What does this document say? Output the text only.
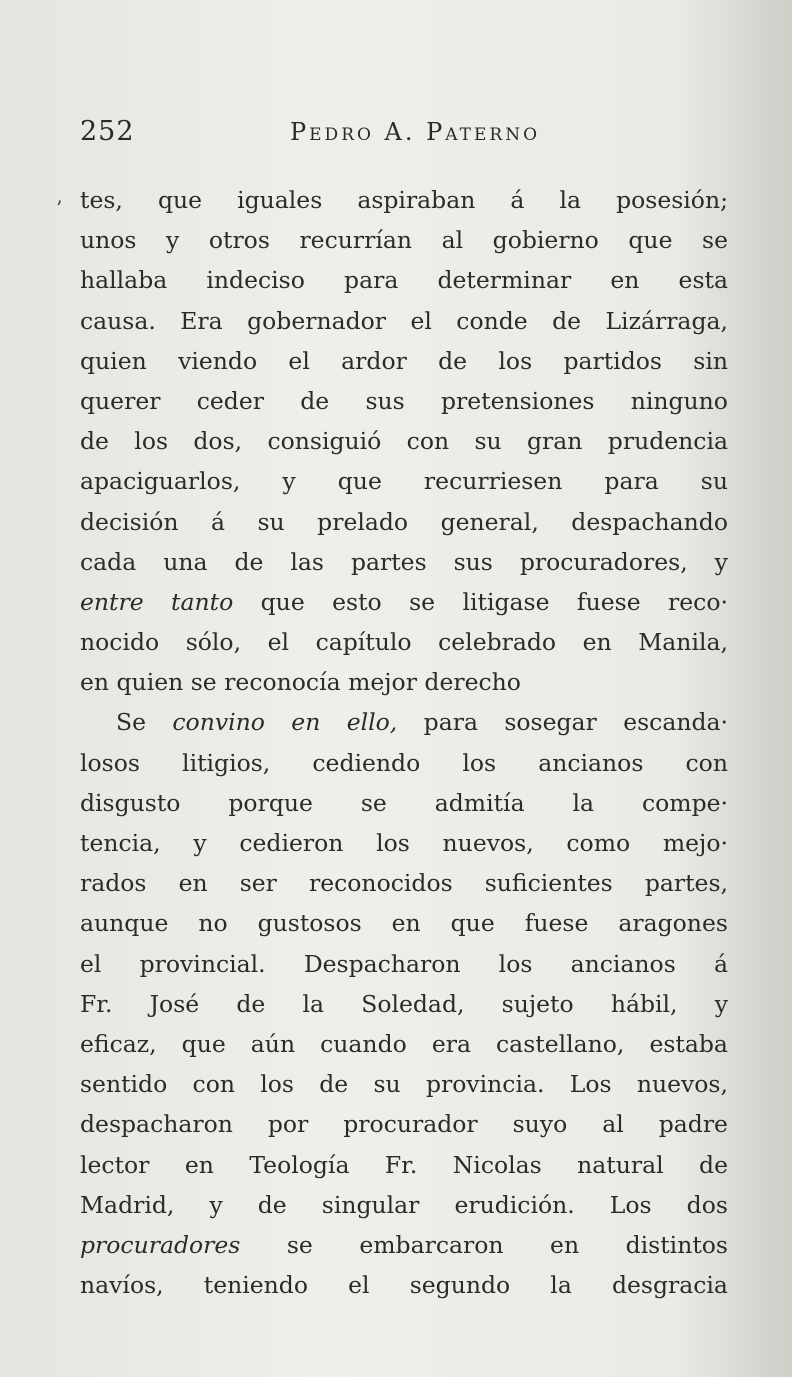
252	Pedro A. Paterno
’ tes, que iguales aspiraban á la posesión;
unos y otros recurrían al gobierno que se
hallaba indeciso para determinar en esta
causa. Era gobernador el conde de Lizárraga,
quien viendo el ardor de los partidos sin
querer ceder de sus pretensiones ninguno
de los dos, consiguió con su gran prudencia
apaciguarlos, y que recurriesen para su
decisión á su prelado general, despachando
cada una de las partes sus procuradores, y
entre tanto que esto se litigase fuese reco·
nocido sólo, el capítulo celebrado en Manila,
en quien se reconocía mejor derecho
Se convino en ello, para sosegar escanda·
losos litigios, cediendo los ancianos con
disgusto porque se admitía la compe·
tencia, y cedieron los nuevos, como mejo·
rados en ser reconocidos suficientes partes,
aunque no gustosos en que fuese aragones
el provincial. Despacharon los ancianos á
Fr. José de la Soledad, sujeto hábil, y
eficaz, que aún cuando era castellano, estaba
sentido con los de su provincia. Los nuevos,
despacharon por procurador suyo al padre
lector en Teología Fr. Nicolas natural de
Madrid, y de singular erudición. Los dos
procuradores se embarcaron en distintos
navíos, teniendo el segundo la desgracia
